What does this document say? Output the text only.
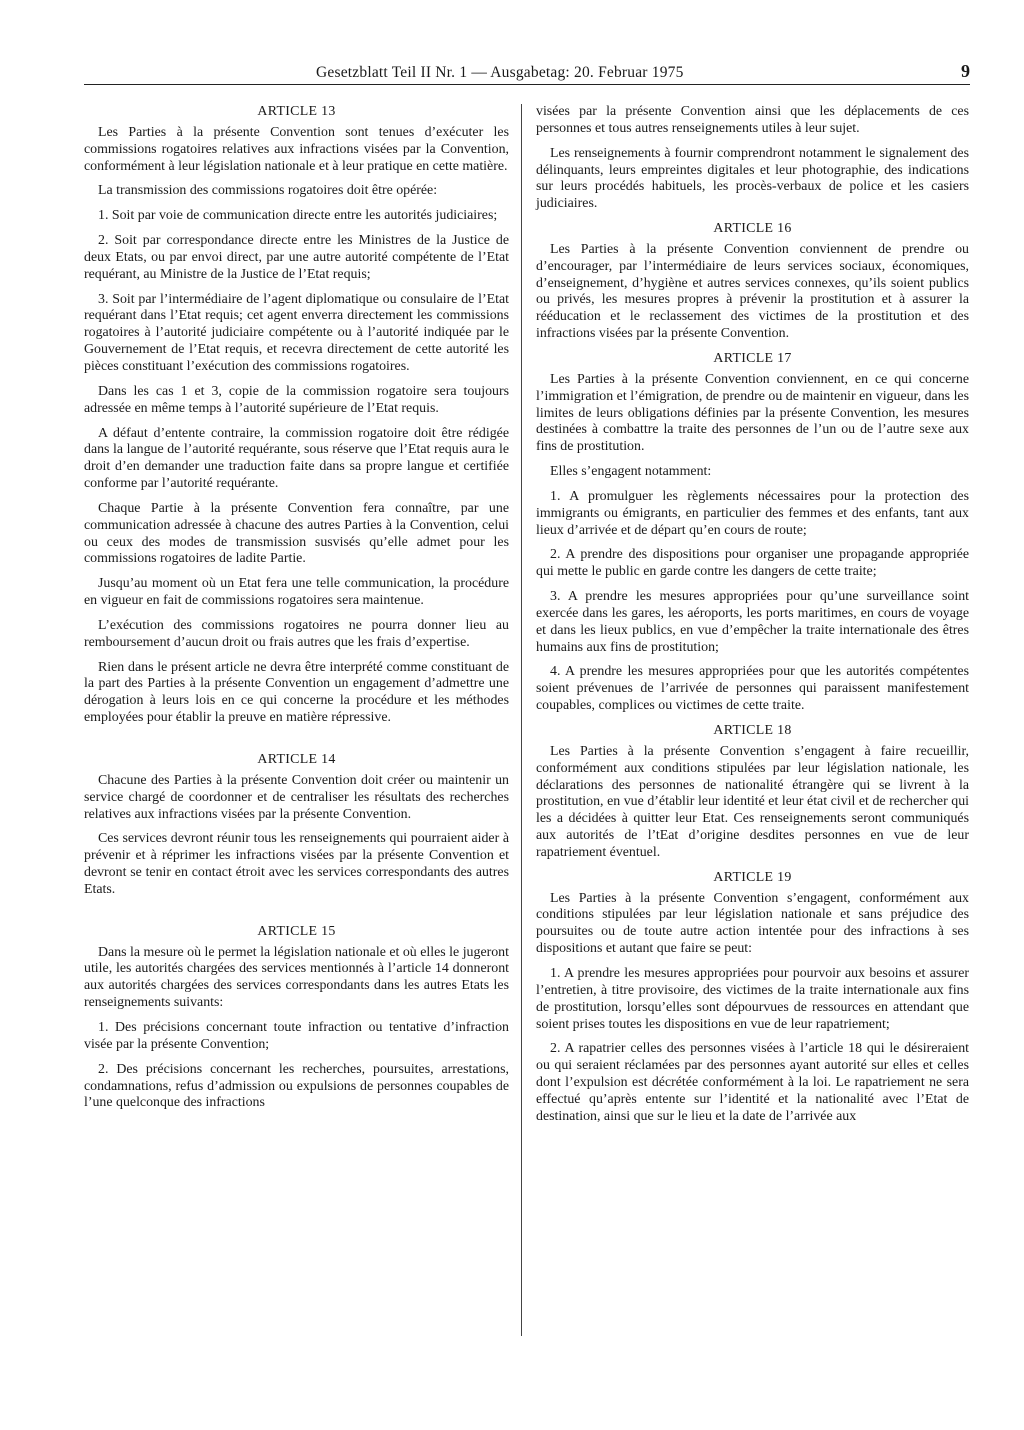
Gesetzblatt Teil II Nr. 1 — Ausgabetag: 20. Februar 1975	9
ARTICLE 13

Les Parties à la présente Convention sont tenues d’exécuter les commissions rogatoires relatives aux infractions visées par la Convention, conformément à leur législation nationale et à leur pratique en cette matière.

La transmission des commissions rogatoires doit être opérée:

1. Soit par voie de communication directe entre les autorités judiciaires;

2. Soit par correspondance directe entre les Ministres de la Justice de deux Etats, ou par envoi direct, par une autre autorité compétente de l’Etat requérant, au Ministre de la Justice de l’Etat requis;

3. Soit par l’intermédiaire de l’agent diplomatique ou consulaire de l’Etat requérant dans l’Etat requis; cet agent enverra directement les commissions rogatoires à l’autorité judiciaire compétente ou à l’autorité indiquée par le Gouvernement de l’Etat requis, et recevra directement de cette autorité les pièces constituant l’exécution des commissions rogatoires.

Dans les cas 1 et 3, copie de la commission rogatoire sera toujours adressée en même temps à l’autorité supérieure de l’Etat requis.

A défaut d’entente contraire, la commission rogatoire doit être rédigée dans la langue de l’autorité requérante, sous réserve que l’Etat requis aura le droit d’en demander une traduction faite dans sa propre langue et certifiée conforme par l’autorité requérante.

Chaque Partie à la présente Convention fera connaître, par une communication adressée à chacune des autres Parties à la Convention, celui ou ceux des modes de transmission susvisés qu’elle admet pour les commissions rogatoires de ladite Partie.

Jusqu’au moment où un Etat fera une telle communication, la procédure en vigueur en fait de commissions rogatoires sera maintenue.

L’exécution des commissions rogatoires ne pourra donner lieu au remboursement d’aucun droit ou frais autres que les frais d’expertise.

Rien dans le présent article ne devra être interprété comme constituant de la part des Parties à la présente Convention un engagement d’admettre une dérogation à leurs lois en ce qui concerne la procédure et les méthodes employées pour établir la preuve en matière répressive.

ARTICLE 14

Chacune des Parties à la présente Convention doit créer ou maintenir un service chargé de coordonner et de centraliser les résultats des recherches relatives aux infractions visées par la présente Convention.

Ces services devront réunir tous les renseignements qui pourraient aider à prévenir et à réprimer les infractions visées par la présente Convention et devront se tenir en contact étroit avec les services correspondants des autres Etats.

ARTICLE 15

Dans la mesure où le permet la législation nationale et où elles le jugeront utile, les autorités chargées des services mentionnés à l’article 14 donneront aux autorités chargées des services correspondants dans les autres Etats les renseignements suivants:

1. Des précisions concernant toute infraction ou tentative d’infraction visée par la présente Convention;

2. Des précisions concernant les recherches, poursuites, arrestations, condamnations, refus d’admission ou expulsions de personnes coupables de l’une quelconque des infractions

visées par la présente Convention ainsi que les déplacements de ces personnes et tous autres renseignements utiles à leur sujet.

Les renseignements à fournir comprendront notamment le signalement des délinquants, leurs empreintes digitales et leur photographie, des indications sur leurs procédés habituels, les procès-verbaux de police et les casiers judiciaires.

ARTICLE 16

Les Parties à la présente Convention conviennent de prendre ou d’encourager, par l’intermédiaire de leurs services sociaux, économiques, d’enseignement, d’hygiène et autres services connexes, qu’ils soient publics ou privés, les mesures propres à prévenir la prostitution et à assurer la rééducation et le reclassement des victimes de la prostitution et des infractions visées par la présente Convention.

ARTICLE 17

Les Parties à la présente Convention conviennent, en ce qui concerne l’immigration et l’émigration, de prendre ou de maintenir en vigueur, dans les limites de leurs obligations définies par la présente Convention, les mesures destinées à combattre la traite des personnes de l’un ou de l’autre sexe aux fins de prostitution.

Elles s’engagent notamment:

1. A promulguer les règlements nécessaires pour la protection des immigrants ou émigrants, en particulier des femmes et des enfants, tant aux lieux d’arrivée et de départ qu’en cours de route;

2. A prendre des dispositions pour organiser une propagande appropriée qui mette le public en garde contre les dangers de cette traite;

3. A prendre les mesures appropriées pour qu’une surveillance soint exercée dans les gares, les aéroports, les ports maritimes, en cours de voyage et dans les lieux publics, en vue d’empêcher la traite internationale des êtres humains aux fins de prostitution;

4. A prendre les mesures appropriées pour que les autorités compétentes soient prévenues de l’arrivée de personnes qui paraissent manifestement coupables, complices ou victimes de cette traite.

ARTICLE 18

Les Parties à la présente Convention s’engagent à faire recueillir, conformément aux conditions stipulées par leur législation nationale, les déclarations des personnes de nationalité étrangère qui se livrent à la prostitution, en vue d’établir leur identité et leur état civil et de rechercher qui les a décidées à quitter leur Etat. Ces renseignements seront communiqués aux autorités de l’tEat d’origine desdites personnes en vue de leur rapatriement éventuel.

ARTICLE 19

Les Parties à la présente Convention s’engagent, conformément aux conditions stipulées par leur législation nationale et sans préjudice des poursuites ou de toute autre action intentée pour des infractions à ses dispositions et autant que faire se peut:

1. A prendre les mesures appropriées pour pourvoir aux besoins et assurer l’entretien, à titre provisoire, des victimes de la traite internationale aux fins de prostitution, lorsqu’elles sont dépourvues de ressources en attendant que soient prises toutes les dispositions en vue de leur rapatriement;

2. A rapatrier celles des personnes visées à l’article 18 qui le désireraient ou qui seraient réclamées par des personnes ayant autorité sur elles et celles dont l’expulsion est décrétée conformément à la loi. Le rapatriement ne sera effectué qu’après entente sur l’identité et la nationalité avec l’Etat de destination, ainsi que sur le lieu et la date de l’arrivée aux
